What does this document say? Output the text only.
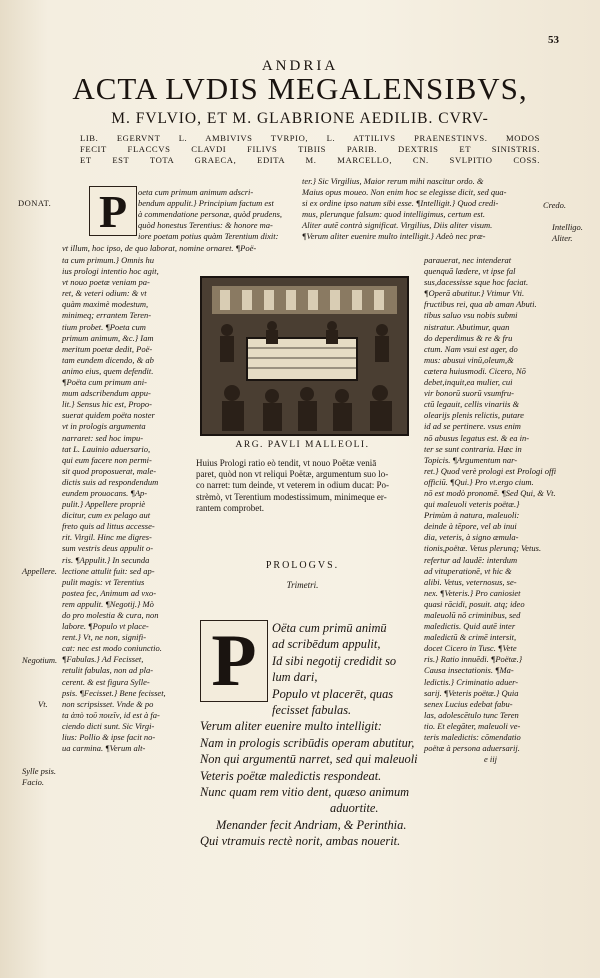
53
ANDRIA
ACTA LVDIS MEGALENSIBVS,
M. FVLVIO, ET M. GLABRIONE AEDILIB. CVRV-
LIB. EGERVNT L. AMBIVIVS TVRPIO, L. ATTILIVS PRAENESTINVS. MODOS
FECIT FLACCVS CLAVDI FILIVS TIBIIS PARIB. DEXTRIS ET SINISTRIS.
ET EST TOTA GRAECA, EDITA M. MARCELLO, CN. SVLPITIO COSS.
DONAT. P	oeta cum primum animum adscri-
bendum appulit.} Principium factum est
à commendatione personæ, quòd prudens,
quòd honestus Terentius: & honore ma-
iore poetam potius quàm Terentium dixit:
vt illum, hoc ipso, de quo laborat, nomine ornaret. ¶Poë-
ter.} Sic Virgilius, Maior rerum mihi nascitur ordo. &
Maius opus moueo. Non enim hoc se elegisse dicit, sed qua-
si ex ordine ipso natum sibi esse. ¶Intelligit.} Quod credi-
mus, plerunque falsum: quod intelligimus, certum est.
Aliter autē contrà significat. Virgilius, Diis aliter visum.
¶Verum aliter euenire multo intelligit.} Adeò nec præ-
Credo.
Intelligo.
Aliter.
ta cum primum.} Omnis hu
ius prologi intentio hoc agit,
vt nouo poetæ veniam pa-
ret, & veteri odium: & vt
quàm maximè modestum,
minimeq; errantem Teren-
tium probet. ¶Poeta cum
primum animum, &c.} Iam
meritum poetæ dedit, Poë-
tam eundem dicendo, & ab
animo eius, quem defendit.
¶Poëta cum primum ani-
mum adscribendum appu-
lit.} Sensus hic est, Propo-
suerat quidem poëta noster
vt in prologis argumenta
narraret: sed hoc impu-
tat L. Lauinio aduersario,
qui eum facere non permi-
sit quod proposuerat, male-
dictis suis ad respondendum
eundem prouocans. ¶Ap-
pulit.} Appellere propriè
dicitur, cum ex pelago aut
freto quis ad littus accesse-
rit. Virgil. Hinc me digres-
sum vestris deus appulit o-
ris. ¶Appulit.} In secunda
lectione attulit fuit: sed ap-
pulit magis: vt Terentius
postea fec, Animum ad vxo-
rem appulit. ¶Negotij.} Mò
do pro molestia & cura, non
labore. ¶Populo vt place-
rent.} Vt, ne non, signifi-
cat: nec est modo coniunctio.
¶Fabulas.} Ad Fecisset,
retulit fabulas, non ad pla-
cerent. & est figura Sylle-
psis. ¶Fecisset.} Bene fecisset,
non scripsisset. Vnde & po
ta ἀπὸ τοῦ ποιεῖν, id est à fa-
ciendo dicti sunt. Sic Virgi-
lius: Pollio & ipse facit no-
ua carmina. ¶Verum alt-
Appellere.
Negotium.
Vt.
Sylle psis.
Facio.
ARG. PAVLI MALLEOLI.
Huius Prologi ratio eò tendit, vt nouo Poëtæ veniā
paret, quòd non vt reliqui Poëtæ, argumentum suo lo-
co narret: tum deinde, vt veterem in odium ducat: Po-
strèmò, vt Terentium modestissimum, minimeque er-
rantem comprobet.
PROLOGVS.
Trimetri.
P	Oëta cum primū animū
ad scribēdum appulit,
Id sibi negotij credidit so
lum dari,
Populo vt placerēt, quas
fecisset fabulas.
Verum aliter euenire multo intelligit:
Nam in prologis scribūdis operam abutitur,
Non qui argumentū narret, sed qui maleuoli
Veteris poëtæ maledictis respondeat.
Nunc quam rem vitio dent, quæso animum
aduortite.
Menander fecit Andriam, & Perinthia.
Qui vtramuis rectè norit, ambas nouerit.
parauerat, nec intenderat
quenquā lædere, vt ipse fal
sus,dacessisse sque hoc faciat.
¶Operā abutitur.} Vtimur Vti.
fructibus rei, qua ab aman Abuti.
tibus saluo vsu nobis submi
nistratur. Abutimur, quan
do deperdimus & re & fru
ctum. Nam vsui est ager, do
mus: abusui vinū,oleum,&
cætera huiusmodi. Cicero, Nō
debet,inquit,ea mulier, cui
vir bonorū suorū vsumfru-
ctū legauit, cellis vinariis &
olearijs plenis relictis, putare
id ad se pertinere. vsus enim
nō abusus legatus est. & ea in-
ter se sunt contraria. Hæc in
Topicis. ¶Argumentum nar-
ret.} Quod verè prologi est Prologi offi
officiū. ¶Qui.} Pro vt.ergo cium.
nō est modò pronomē. ¶Sed Qui, & Vt.
qui maleuoli veteris poëtæ.}
Primùm à natura, maleuoli:
deinde à tēpore, vel ab inui
dia, veteris, à signo æmula-
tionis,poëtæ. Vetus plerunq; Vetus.
refertur ad laudē: interdum
ad vituperationē, vt hic &
alibi. Vetus, veternosus, se-
nex. ¶Veteris.} Pro caniosiet
quasi rācidi, posuit. atq; ideo
maleuolū nō criminibus, sed
maledictis. Quid autē inter
maledictū & crimē intersit,
docet Cicero in Tusc. ¶Vete
ris.} Ratio innuēdi. ¶Poëtæ.}
Causa insectationis. ¶Ma-
ledictis.} Criminatio aduer-
sarij. ¶Veteris poëtæ.} Quia
senex Lucius edebat fabu-
las, adolescētulo tunc Teren
tio. Et elegāter, maleuoli ve-
teris maledictis: cōmendatio
poëtæ à persona aduersarij.
e iij
